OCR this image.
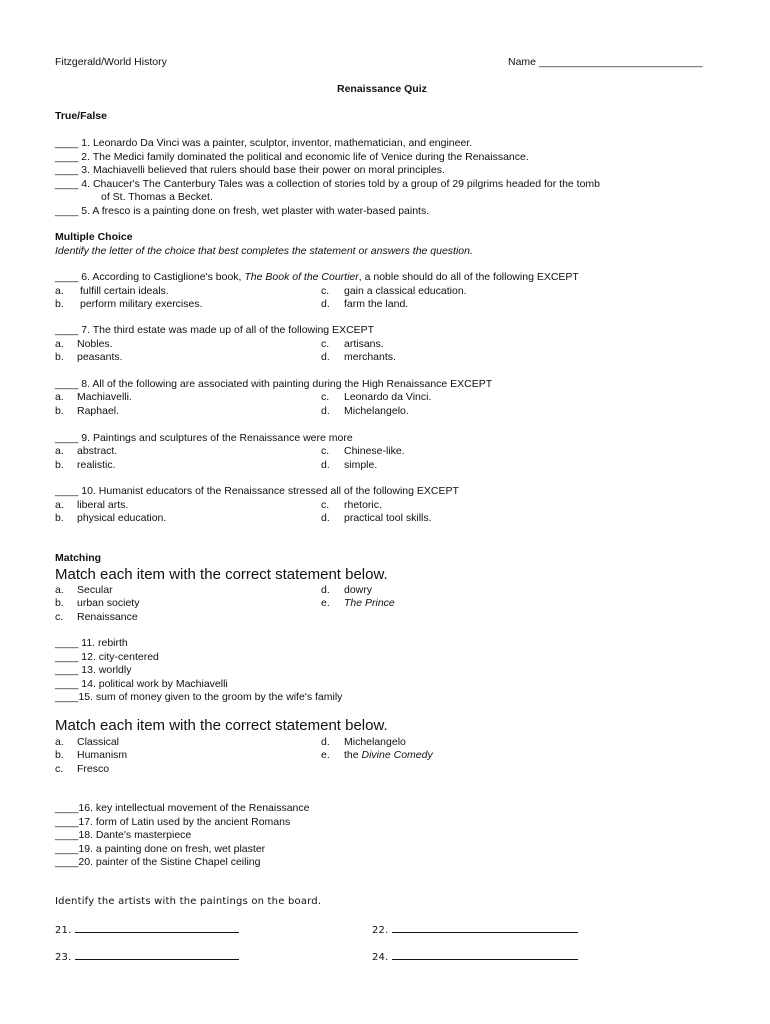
Fitzgerald/World History	Name ____________________________
Renaissance Quiz
True/False
____ 1. Leonardo Da Vinci was a painter, sculptor, inventor, mathematician, and engineer.
____ 2. The Medici family dominated the political and economic life of Venice during the Renaissance.
____ 3. Machiavelli believed that rulers should base their power on moral principles.
____ 4. Chaucer's The Canterbury Tales was a collection of stories told by a group of 29 pilgrims headed for the tomb
of St. Thomas a Becket.
____ 5. A fresco is a painting done on fresh, wet plaster with water-based paints.
Multiple Choice
Identify the letter of the choice that best completes the statement or answers the question.
____ 6. According to Castiglione's book, The Book of the Courtier, a noble should do all of the following EXCEPT
a. fulfill certain ideals.	c. gain a classical education.
b. perform military exercises.	d. farm the land.
____ 7. The third estate was made up of all of the following EXCEPT
a. Nobles.	c. artisans.
b. peasants.	d. merchants.
____ 8. All of the following are associated with painting during the High Renaissance EXCEPT
a. Machiavelli.	c. Leonardo da Vinci.
b. Raphael.	d. Michelangelo.
____ 9. Paintings and sculptures of the Renaissance were more
a. abstract.	c. Chinese-like.
b. realistic.	d. simple.
____ 10. Humanist educators of the Renaissance stressed all of the following EXCEPT
a. liberal arts.	c. rhetoric.
b. physical education.	d. practical tool skills.
Matching
Match each item with the correct statement below.
a. Secular	d. dowry
b. urban society	e. The Prince
c. Renaissance
____ 11. rebirth
____ 12. city-centered
____ 13. worldly
____ 14. political work by Machiavelli
____15. sum of money given to the groom by the wife's family
Match each item with the correct statement below.
a. Classical	d. Michelangelo
b. Humanism	e. the Divine Comedy
c. Fresco
____16. key intellectual movement of the Renaissance
____17. form of Latin used by the ancient Romans
____18. Dante's masterpiece
____19. a painting done on fresh, wet plaster
____20. painter of the Sistine Chapel ceiling
Identify the artists with the paintings on the board.
21.	22.
23.	24.
